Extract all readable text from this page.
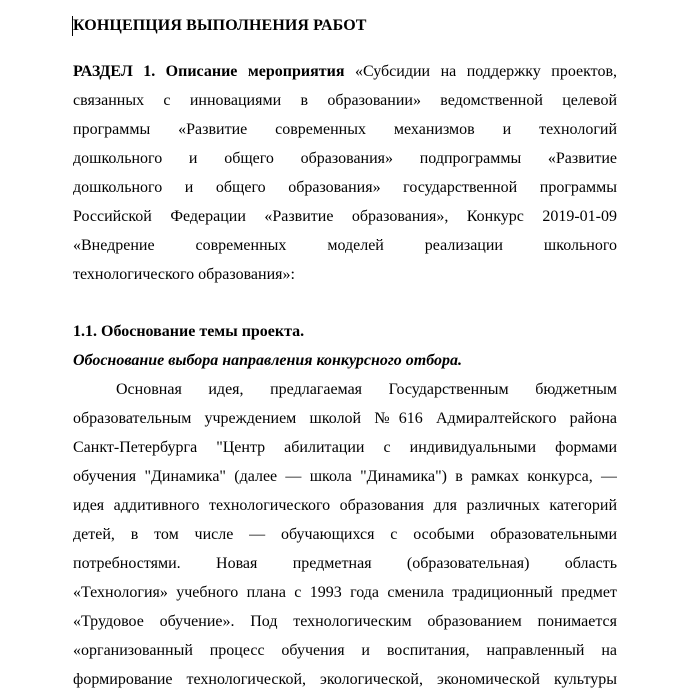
КОНЦЕПЦИЯ ВЫПОЛНЕНИЯ РАБОТ
РАЗДЕЛ 1. Описание мероприятия «Субсидии на поддержку проектов,
связанных с инновациями в образовании» ведомственной целевой
программы «Развитие современных механизмов и технологий
дошкольного и общего образования» подпрограммы «Развитие
дошкольного и общего образования» государственной программы
Российской Федерации «Развитие образования», Конкурс 2019-01-09
«Внедрение современных моделей реализации школьного
технологического образования»:
1.1. Обоснование темы проекта.
Обоснование выбора направления конкурсного отбора.
Основная идея, предлагаемая Государственным бюджетным
образовательным учреждением школой №616 Адмиралтейского района
Санкт-Петербурга "Центр абилитации с индивидуальными формами
обучения "Динамика" (далее — школа "Динамика") в рамках конкурса, —
идея аддитивного технологического образования для различных категорий
детей, в том числе — обучающихся с особыми образовательными
потребностями. Новая предметная (образовательная) область
«Технология» учебного плана с 1993 года сменила традиционный предмет
«Трудовое обучение». Под технологическим образованием понимается
«организованный процесс обучения и воспитания, направленный на
формирование технологической, экологической, экономической культуры
